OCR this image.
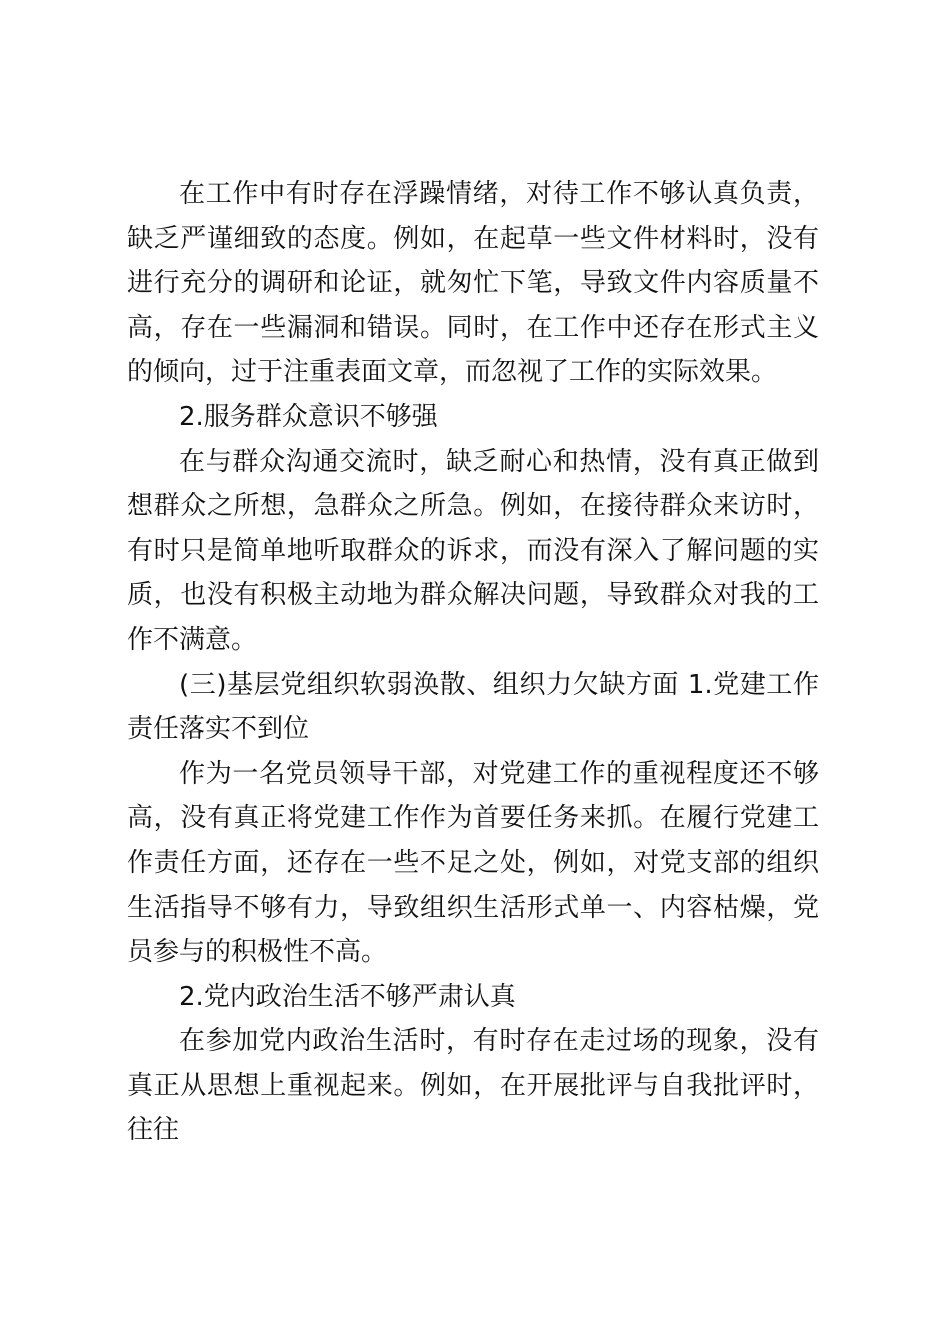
在工作中有时存在浮躁情绪，对待工作不够认真负责，缺乏严谨细致的态度。例如，在起草一些文件材料时，没有进行充分的调研和论证，就匆忙下笔，导致文件内容质量不高，存在一些漏洞和错误。同时，在工作中还存在形式主义的倾向，过于注重表面文章，而忽视了工作的实际效果。

2.服务群众意识不够强

在与群众沟通交流时，缺乏耐心和热情，没有真正做到想群众之所想，急群众之所急。例如，在接待群众来访时，有时只是简单地听取群众的诉求，而没有深入了解问题的实质，也没有积极主动地为群众解决问题，导致群众对我的工作不满意。

(三)基层党组织软弱涣散、组织力欠缺方面 1.党建工作责任落实不到位

作为一名党员领导干部，对党建工作的重视程度还不够高，没有真正将党建工作作为首要任务来抓。在履行党建工作责任方面，还存在一些不足之处，例如，对党支部的组织生活指导不够有力，导致组织生活形式单一、内容枯燥，党员参与的积极性不高。

2.党内政治生活不够严肃认真

在参加党内政治生活时，有时存在走过场的现象，没有真正从思想上重视起来。例如，在开展批评与自我批评时，往往
